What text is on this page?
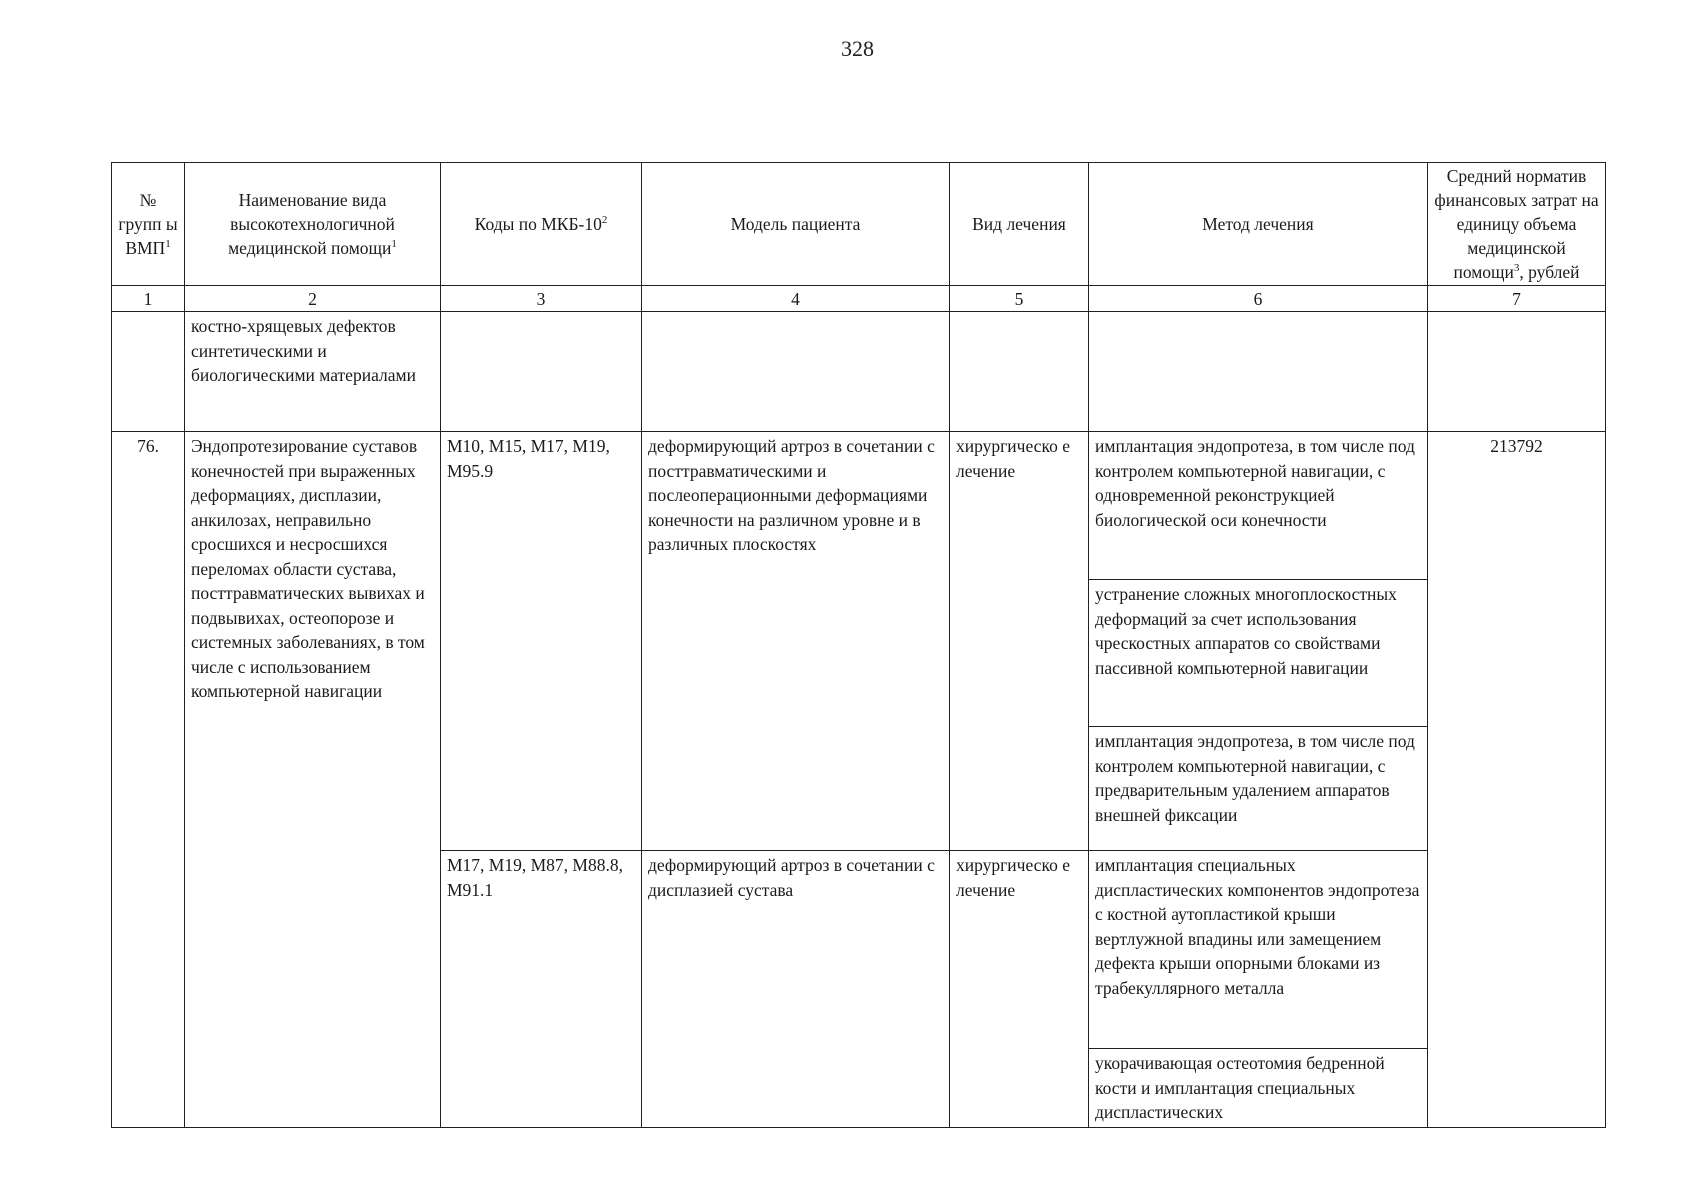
328
№ групп ы ВМП$^1$	Наименование вида высокотехнологичной медицинской помощи$^1$	Коды по МКБ-$10^2$	Модель пациента	Вид лечения	Метод лечения	Средний норматив финансовых затрат на единицу объема медицинской помощи$^3$, рублей
1	2	3	4	5	6	7
	костно-хрящевых дефектов синтетическими и биологическими материалами					
76.	Эндопротезирование суставов конечностей при выраженных деформациях, дисплазии, анкилозах, неправильно сросшихся и несросшихся переломах области сустава, посттравматических вывихах и подвывихах, остеопорозе и системных заболеваниях, в том числе с использованием компьютерной навигации	M10, M15, M17, M19, M95.9	деформирующий артроз в сочетании с посттравматическими и послеоперационными деформациями конечности на различном уровне и в различных плоскостях	хирургическо е лечение	имплантация эндопротеза, в том числе под контролем компьютерной навигации, с одновременной реконструкцией биологической оси конечности	213792
					устранение сложных многоплоскостных деформаций за счет использования чрескостных аппаратов со свойствами пассивной компьютерной навигации	
					имплантация эндопротеза, в том числе под контролем компьютерной навигации, с предварительным удалением аппаратов внешней фиксации	
		M17, M19, M87, M88.8, M91.1	деформирующий артроз в сочетании с дисплазией сустава	хирургическо е лечение	имплантация специальных диспластических компонентов эндопротеза с костной аутопластикой крыши вертлужной впадины или замещением дефекта крыши опорными блоками из трабекуллярного металла	
					укорачивающая остеотомия бедренной кости и имплантация специальных диспластических	
